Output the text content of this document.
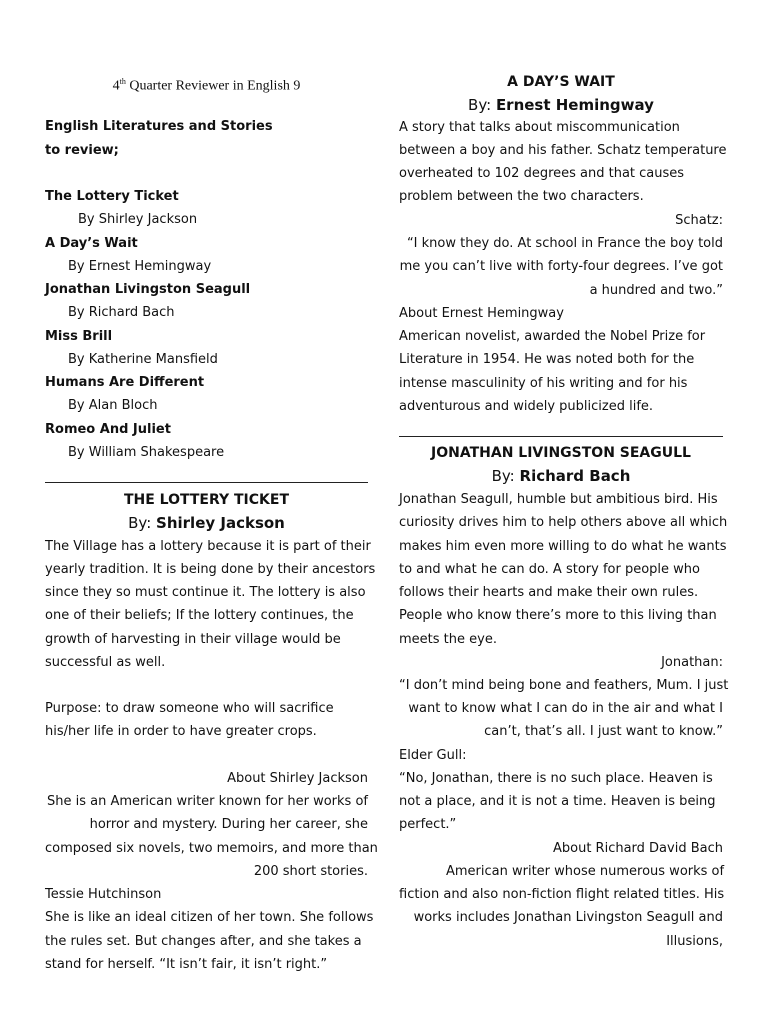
4th Quarter Reviewer in English 9
English Literatures and Stories
to review;
The Lottery Ticket
By Shirley Jackson
A Day’s Wait
By Ernest Hemingway
Jonathan Livingston Seagull
By Richard Bach
Miss Brill
By Katherine Mansfield
Humans Are Different
By Alan Bloch
Romeo And Juliet
By William Shakespeare
THE LOTTERY TICKET
By: Shirley Jackson
The Village has a lottery because it is part of their
yearly tradition. It is being done by their ancestors
since they so must continue it. The lottery is also
one of their beliefs; If the lottery continues, the
growth of harvesting in their village would be
successful as well.
Purpose: to draw someone who will sacrifice
his/her life in order to have greater crops.
About Shirley Jackson
She is an American writer known for her works of
horror and mystery. During her career, she
composed six novels, two memoirs, and more than
200 short stories.
Tessie Hutchinson
She is like an ideal citizen of her town. She follows
the rules set. But changes after, and she takes a
stand for herself. “It isn’t fair, it isn’t right.”
A DAY’S WAIT
By: Ernest Hemingway
A story that talks about miscommunication
between a boy and his father. Schatz temperature
overheated to 102 degrees and that causes
problem between the two characters.
Schatz:
“I know they do. At school in France the boy told
me you can’t live with forty-four degrees. I’ve got
a hundred and two.”
About Ernest Hemingway
American novelist, awarded the Nobel Prize for
Literature in 1954. He was noted both for the
intense masculinity of his writing and for his
adventurous and widely publicized life.
JONATHAN LIVINGSTON SEAGULL
By: Richard Bach
Jonathan Seagull, humble but ambitious bird. His
curiosity drives him to help others above all which
makes him even more willing to do what he wants
to and what he can do. A story for people who
follows their hearts and make their own rules.
People who know there’s more to this living than
meets the eye.
Jonathan:
“I don’t mind being bone and feathers, Mum. I just
want to know what I can do in the air and what I
can’t, that’s all. I just want to know.”
Elder Gull:
“No, Jonathan, there is no such place. Heaven is
not a place, and it is not a time. Heaven is being
perfect.”
About Richard David Bach
American writer whose numerous works of
fiction and also non-fiction flight related titles. His
works includes Jonathan Livingston Seagull and
Illusions,
